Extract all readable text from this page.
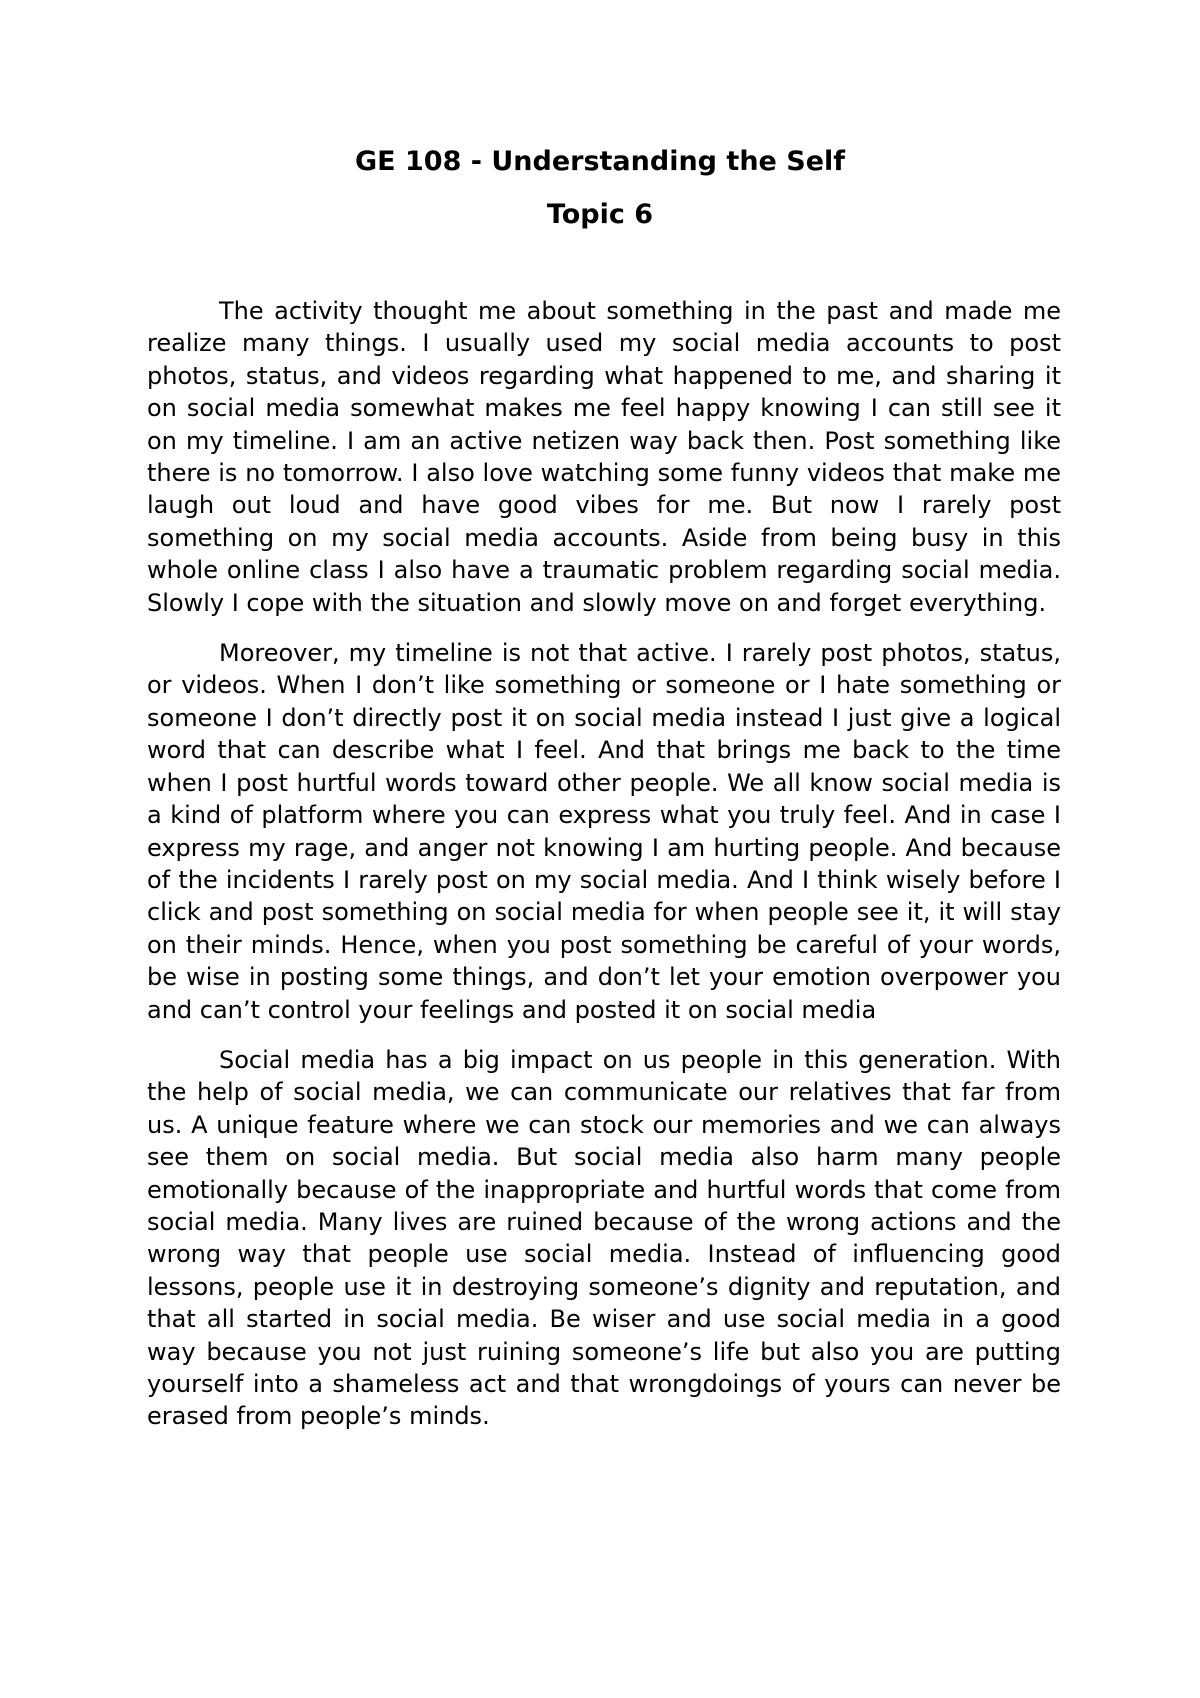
GE 108 - Understanding the Self
Topic 6

The activity thought me about something in the past and made me realize many things. I usually used my social media accounts to post photos, status, and videos regarding what happened to me, and sharing it on social media somewhat makes me feel happy knowing I can still see it on my timeline. I am an active netizen way back then. Post something like there is no tomorrow. I also love watching some funny videos that make me laugh out loud and have good vibes for me. But now I rarely post something on my social media accounts. Aside from being busy in this whole online class I also have a traumatic problem regarding social media. Slowly I cope with the situation and slowly move on and forget everything.

Moreover, my timeline is not that active. I rarely post photos, status, or videos. When I don’t like something or someone or I hate something or someone I don’t directly post it on social media instead I just give a logical word that can describe what I feel. And that brings me back to the time when I post hurtful words toward other people. We all know social media is a kind of platform where you can express what you truly feel. And in case I express my rage, and anger not knowing I am hurting people. And because of the incidents I rarely post on my social media. And I think wisely before I click and post something on social media for when people see it, it will stay on their minds. Hence, when you post something be careful of your words, be wise in posting some things, and don’t let your emotion overpower you and can’t control your feelings and posted it on social media

Social media has a big impact on us people in this generation. With the help of social media, we can communicate our relatives that far from us. A unique feature where we can stock our memories and we can always see them on social media. But social media also harm many people emotionally because of the inappropriate and hurtful words that come from social media. Many lives are ruined because of the wrong actions and the wrong way that people use social media. Instead of influencing good lessons, people use it in destroying someone’s dignity and reputation, and that all started in social media. Be wiser and use social media in a good way because you not just ruining someone’s life but also you are putting yourself into a shameless act and that wrongdoings of yours can never be erased from people’s minds.
